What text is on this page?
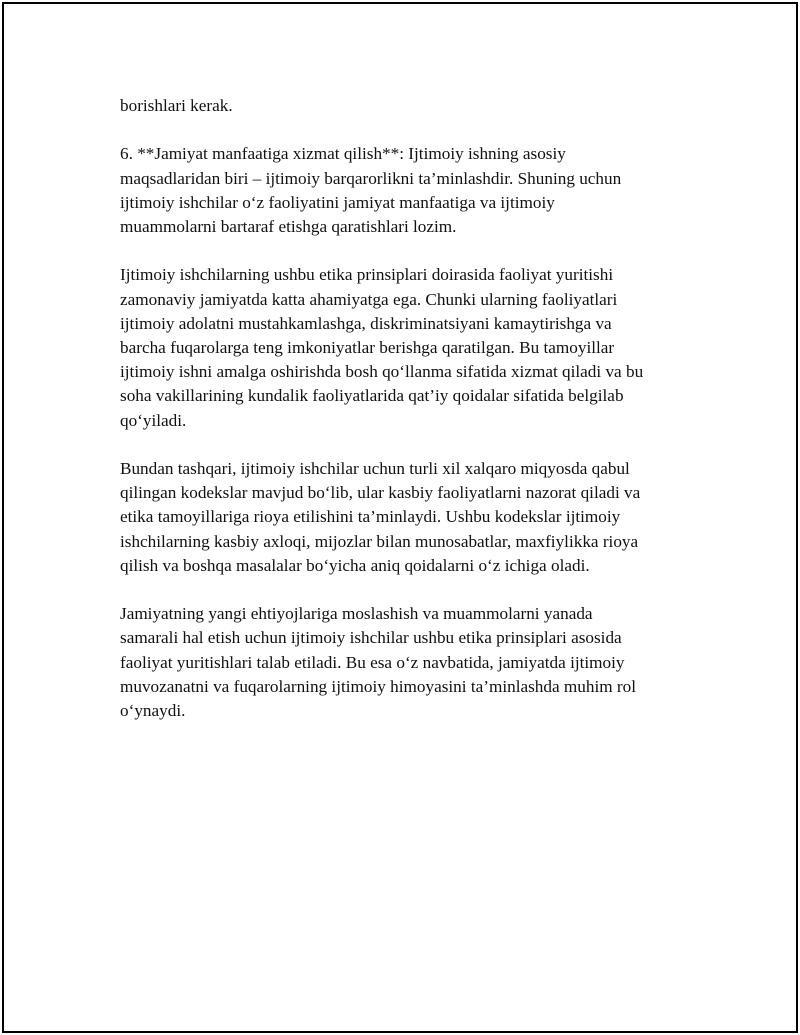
borishlari kerak.

6. **Jamiyat manfaatiga xizmat qilish**: Ijtimoiy ishning asosiy
maqsadlaridan biri – ijtimoiy barqarorlikni ta’minlashdir. Shuning uchun
ijtimoiy ishchilar o‘z faoliyatini jamiyat manfaatiga va ijtimoiy
muammolarni bartaraf etishga qaratishlari lozim.

Ijtimoiy ishchilarning ushbu etika prinsiplari doirasida faoliyat yuritishi
zamonaviy jamiyatda katta ahamiyatga ega. Chunki ularning faoliyatlari
ijtimoiy adolatni mustahkamlashga, diskriminatsiyani kamaytirishga va
barcha fuqarolarga teng imkoniyatlar berishga qaratilgan. Bu tamoyillar
ijtimoiy ishni amalga oshirishda bosh qo‘llanma sifatida xizmat qiladi va bu
soha vakillarining kundalik faoliyatlarida qat’iy qoidalar sifatida belgilab
qo‘yiladi.

Bundan tashqari, ijtimoiy ishchilar uchun turli xil xalqaro miqyosda qabul
qilingan kodekslar mavjud bo‘lib, ular kasbiy faoliyatlarni nazorat qiladi va
etika tamoyillariga rioya etilishini ta’minlaydi. Ushbu kodekslar ijtimoiy
ishchilarning kasbiy axloqi, mijozlar bilan munosabatlar, maxfiylikka rioya
qilish va boshqa masalalar bo‘yicha aniq qoidalarni o‘z ichiga oladi.

Jamiyatning yangi ehtiyojlariga moslashish va muammolarni yanada
samarali hal etish uchun ijtimoiy ishchilar ushbu etika prinsiplari asosida
faoliyat yuritishlari talab etiladi. Bu esa o‘z navbatida, jamiyatda ijtimoiy
muvozanatni va fuqarolarning ijtimoiy himoyasini ta’minlashda muhim rol
o‘ynaydi.
